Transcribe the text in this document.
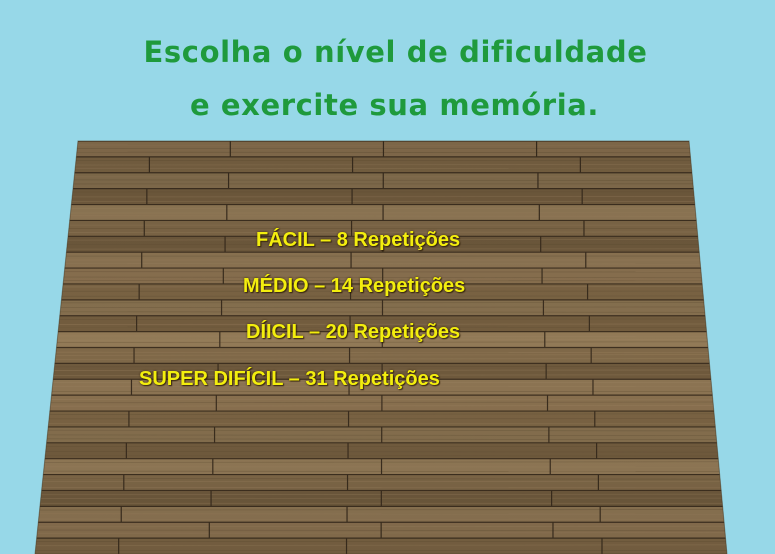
Escolha o nível de dificuldade
e exercite sua memória.
FÁCIL – 8 Repetições
MÉDIO – 14 Repetições
DÍICIL – 20 Repetições
SUPER DIFÍCIL – 31 Repetições
